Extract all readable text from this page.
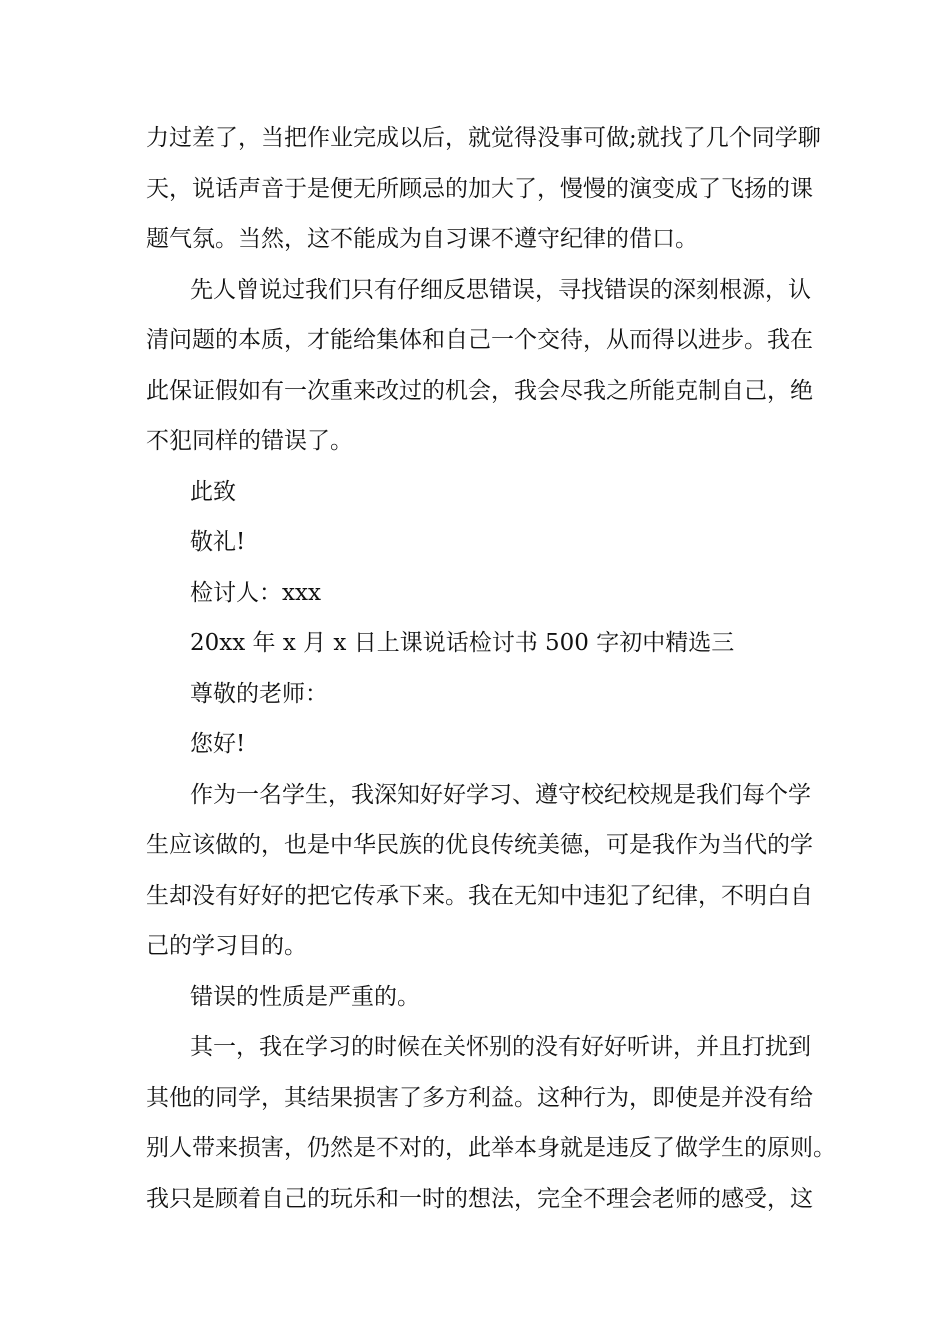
力过差了，当把作业完成以后，就觉得没事可做;就找了几个同学聊
天，说话声音于是便无所顾忌的加大了，慢慢的演变成了飞扬的课
题气氛。当然，这不能成为自习课不遵守纪律的借口。
先人曾说过我们只有仔细反思错误，寻找错误的深刻根源，认
清问题的本质，才能给集体和自己一个交待，从而得以进步。我在
此保证假如有一次重来改过的机会，我会尽我之所能克制自己，绝
不犯同样的错误了。
此致
敬礼!
检讨人：xxx
20xx 年 x 月 x 日上课说话检讨书 500 字初中精选三
尊敬的老师：
您好!
作为一名学生，我深知好好学习、遵守校纪校规是我们每个学
生应该做的，也是中华民族的优良传统美德，可是我作为当代的学
生却没有好好的把它传承下来。我在无知中违犯了纪律，不明白自
己的学习目的。
错误的性质是严重的。
其一，我在学习的时候在关怀别的没有好好听讲，并且打扰到
其他的同学，其结果损害了多方利益。这种行为，即使是并没有给
别人带来损害，仍然是不对的，此举本身就是违反了做学生的原则。
我只是顾着自己的玩乐和一时的想法，完全不理会老师的感受，这
